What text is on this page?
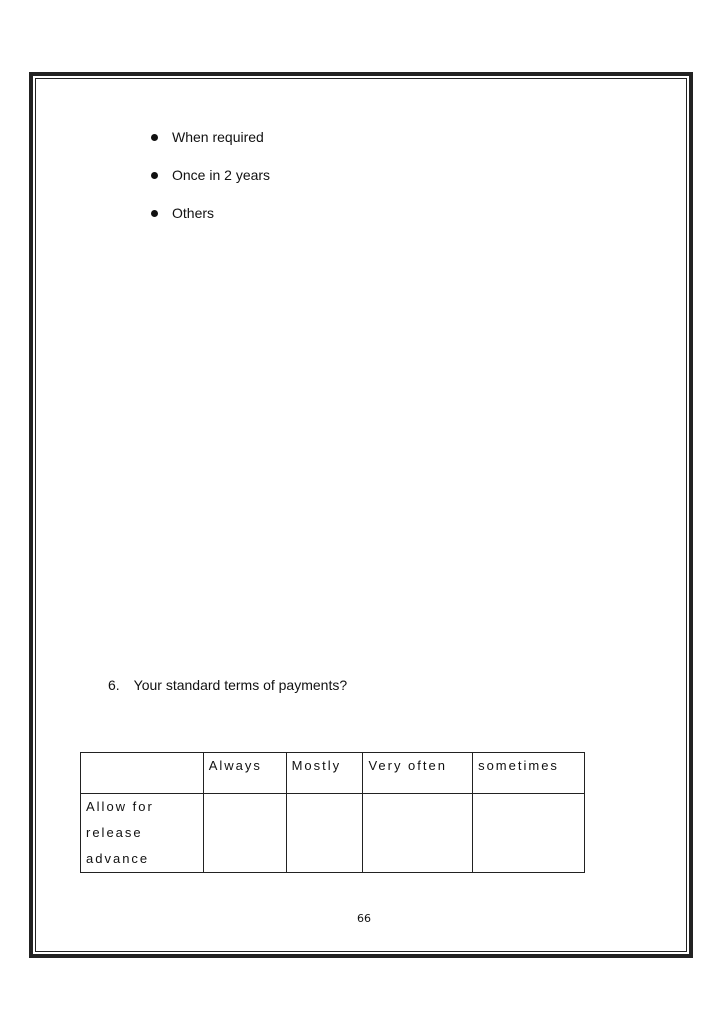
When required
Once in 2 years
Others
6. Your standard terms of payments?
	Always	Mostly	Very often	sometimes

Allow for
release
advance				

66
